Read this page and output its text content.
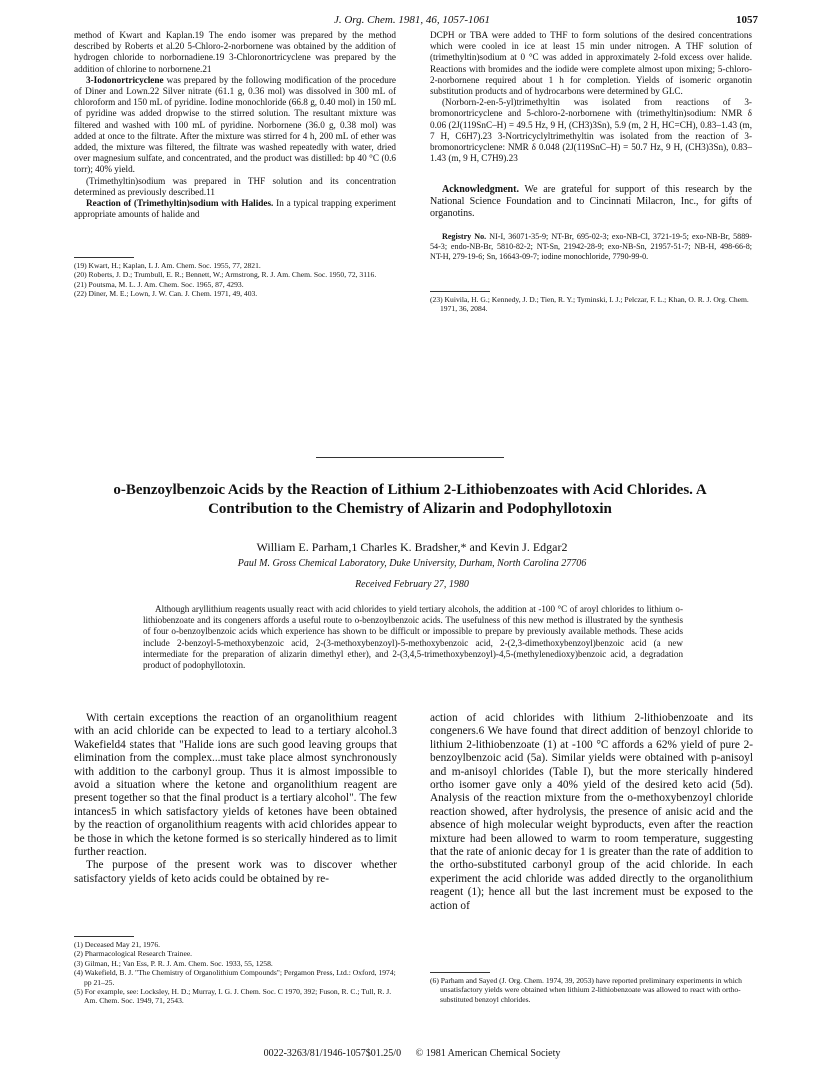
J. Org. Chem. 1981, 46, 1057-1061	1057

method of Kwart and Kaplan.19 The endo isomer was prepared by the method described by Roberts et al.20 5-Chloro-2-norbornene was obtained by the addition of hydrogen chloride to norbornadiene.19 3-Chloronortricyclene was prepared by the addition of chlorine to norbornene.21

3-Iodonortricyclene was prepared by the following modification of the procedure of Diner and Lown.22 Silver nitrate (61.1 g, 0.36 mol) was dissolved in 300 mL of chloroform and 150 mL of pyridine. Iodine monochloride (66.8 g, 0.40 mol) in 150 mL of pyridine was added dropwise to the stirred solution. The resultant mixture was filtered and washed with 100 mL of pyridine. Norbornene (36.0 g, 0.38 mol) was added at once to the filtrate. After the mixture was stirred for 4 h, 200 mL of ether was added, the mixture was filtered, the filtrate was washed repeatedly with water, dried over magnesium sulfate, and concentrated, and the product was distilled: bp 40 °C (0.6 torr); 40% yield.

(Trimethyltin)sodium was prepared in THF solution and its concentration determined as previously described.11

Reaction of (Trimethyltin)sodium with Halides. In a typical trapping experiment appropriate amounts of halide and

(19) Kwart, H.; Kaplan, L J. Am. Chem. Soc. 1955, 77, 2821.
(20) Roberts, J. D.; Trumbull, E. R.; Bennett, W.; Armstrong, R. J. Am. Chem. Soc. 1950, 72, 3116.
(21) Poutsma, M. L. J. Am. Chem. Soc. 1965, 87, 4293.
(22) Diner, M. E.; Lown, J. W. Can. J. Chem. 1971, 49, 403.

DCPH or TBA were added to THF to form solutions of the desired concentrations which were cooled in ice at least 15 min under nitrogen. A THF solution of (trimethyltin)sodium at 0 °C was added in approximately 2-fold excess over halide. Reactions with bromides and the iodide were complete almost upon mixing; 5-chloro-2-norbornene required about 1 h for completion. Yields of isomeric organotin substitution products and of hydrocarbons were determined by GLC.

(Norborn-2-en-5-yl)trimethyltin was isolated from reactions of 3-bromonortricyclene and 5-chloro-2-norbornene with (trimethyltin)sodium: NMR δ 0.06 (2J(119SnC–H) = 49.5 Hz, 9 H, (CH3)3Sn), 5.9 (m, 2 H, HC=CH), 0.83–1.43 (m, 7 H, C6H7).23 3-Nortricyclyltrimethyltin was isolated from the reaction of 3-bromonortricyclene: NMR δ 0.048 (2J(119SnC–H) = 50.7 Hz, 9 H, (CH3)3Sn), 0.83–1.43 (m, 9 H, C7H9).23

Acknowledgment. We are grateful for support of this research by the National Science Foundation and to Cincinnati Milacron, Inc., for gifts of organotins.
Registry No. NI-I, 36071-35-9; NT-Br, 695-02-3; exo-NB-Cl, 3721-19-5; exo-NB-Br, 5889-54-3; endo-NB-Br, 5810-82-2; NT-Sn, 21942-28-9; exo-NB-Sn, 21957-51-7; NB-H, 498-66-8; NT-H, 279-19-6; Sn, 16643-09-7; iodine monochloride, 7790-99-0.
(23) Kuivila, H. G.; Kennedy, J. D.; Tien, R. Y.; Tyminski, I. J.; Pelczar, F. L.; Khan, O. R. J. Org. Chem. 1971, 36, 2084.
o-Benzoylbenzoic Acids by the Reaction of Lithium 2-Lithiobenzoates with Acid Chlorides. A Contribution to the Chemistry of Alizarin and Podophyllotoxin
William E. Parham,1 Charles K. Bradsher,* and Kevin J. Edgar2
Paul M. Gross Chemical Laboratory, Duke University, Durham, North Carolina 27706
Received February 27, 1980
Although aryllithium reagents usually react with acid chlorides to yield tertiary alcohols, the addition at -100 °C of aroyl chlorides to lithium o-lithiobenzoate and its congeners affords a useful route to o-benzoylbenzoic acids. The usefulness of this new method is illustrated by the synthesis of four o-benzoylbenzoic acids which experience has shown to be difficult or impossible to prepare by previously available methods. These acids include 2-benzoyl-5-methoxybenzoic acid, 2-(3-methoxybenzoyl)-5-methoxybenzoic acid, 2-(2,3-dimethoxybenzoyl)benzoic acid (a new intermediate for the preparation of alizarin dimethyl ether), and 2-(3,4,5-trimethoxybenzoyl)-4,5-(methylenedioxy)benzoic acid, a degradation product of podophyllotoxin.

With certain exceptions the reaction of an organolithium reagent with an acid chloride can be expected to lead to a tertiary alcohol.3 Wakefield4 states that "Halide ions are such good leaving groups that elimination from the complex...must take place almost synchronously with addition to the carbonyl group. Thus it is almost impossible to avoid a situation where the ketone and organolithium reagent are present together so that the final product is a tertiary alcohol". The few intances5 in which satisfactory yields of ketones have been obtained by the reaction of organolithium reagents with acid chlorides appear to be those in which the ketone formed is so sterically hindered as to limit further reaction.

The purpose of the present work was to discover whether satisfactory yields of keto acids could be obtained by re-

action of acid chlorides with lithium 2-lithiobenzoate and its congeners.6 We have found that direct addition of benzoyl chloride to lithium 2-lithiobenzoate (1) at -100 °C affords a 62% yield of pure 2-benzoylbenzoic acid (5a). Similar yields were obtained with p-anisoyl and m-anisoyl chlorides (Table I), but the more sterically hindered ortho isomer gave only a 40% yield of the desired keto acid (5d). Analysis of the reaction mixture from the o-methoxybenzoyl chloride reaction showed, after hydrolysis, the presence of anisic acid and the absence of high molecular weight byproducts, even after the reaction mixture had been allowed to warm to room temperature, suggesting that the rate of anionic decay for 1 is greater than the rate of addition to the ortho-substituted carbonyl group of the acid chloride. In each experiment the acid chloride was added directly to the organolithium reagent (1); hence all but the last increment must be exposed to the action of

(1) Deceased May 21, 1976.
(2) Pharmacological Research Trainee.
(3) Gilman, H.; Van Ess, P. R. J. Am. Chem. Soc. 1933, 55, 1258.
(4) Wakefield, B. J. "The Chemistry of Organolithium Compounds"; Pergamon Press, Ltd.: Oxford, 1974; pp 21–25.
(5) For example, see: Locksley, H. D.; Murray, I. G. J. Chem. Soc. C 1970, 392; Fuson, R. C.; Tull, R. J. Am. Chem. Soc. 1949, 71, 2543.
(6) Parham and Sayed (J. Org. Chem. 1974, 39, 2053) have reported preliminary experiments in which unsatisfactory yields were obtained when lithium 2-lithiobenzoate was allowed to react with ortho-substituted benzoyl chlorides.
0022-3263/81/1946-1057$01.25/0 © 1981 American Chemical Society
